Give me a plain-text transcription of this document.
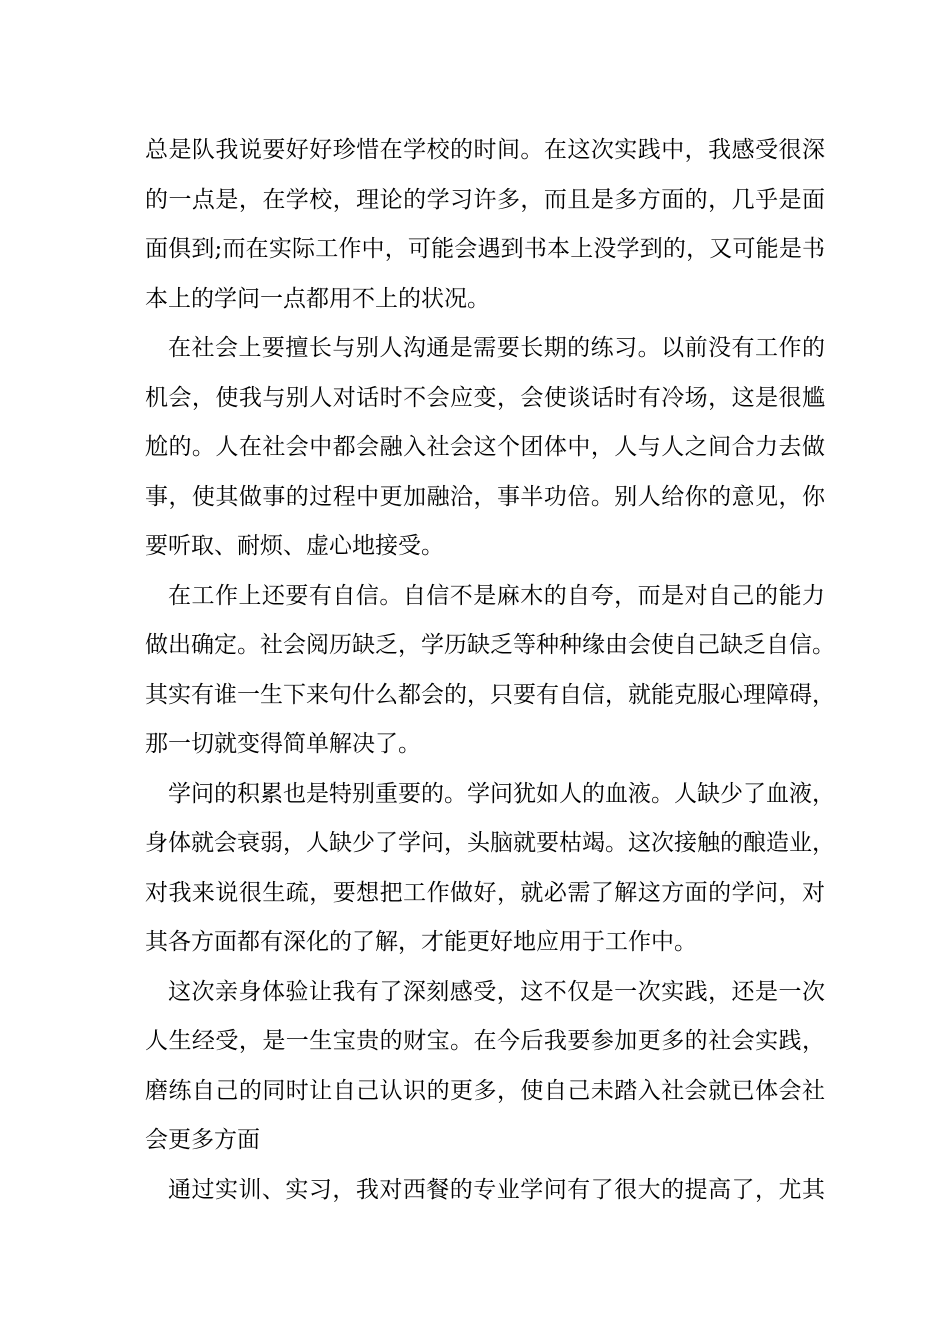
总是队我说要好好珍惜在学校的时间。在这次实践中，我感受很深
的一点是，在学校，理论的学习许多，而且是多方面的，几乎是面
面俱到;而在实际工作中，可能会遇到书本上没学到的，又可能是书
本上的学问一点都用不上的状况。
在社会上要擅长与别人沟通是需要长期的练习。以前没有工作的
机会，使我与别人对话时不会应变，会使谈话时有冷场，这是很尴
尬的。人在社会中都会融入社会这个团体中，人与人之间合力去做
事，使其做事的过程中更加融洽，事半功倍。别人给你的意见，你
要听取、耐烦、虚心地接受。
在工作上还要有自信。自信不是麻木的自夸，而是对自己的能力
做出确定。社会阅历缺乏，学历缺乏等种种缘由会使自己缺乏自信。
其实有谁一生下来句什么都会的，只要有自信，就能克服心理障碍，
那一切就变得简单解决了。
学问的积累也是特别重要的。学问犹如人的血液。人缺少了血液，
身体就会衰弱，人缺少了学问，头脑就要枯竭。这次接触的酿造业，
对我来说很生疏，要想把工作做好，就必需了解这方面的学问，对
其各方面都有深化的了解，才能更好地应用于工作中。
这次亲身体验让我有了深刻感受，这不仅是一次实践，还是一次
人生经受，是一生宝贵的财宝。在今后我要参加更多的社会实践，
磨练自己的同时让自己认识的更多，使自己未踏入社会就已体会社
会更多方面
通过实训、实习，我对西餐的专业学问有了很大的提高了，尤其
